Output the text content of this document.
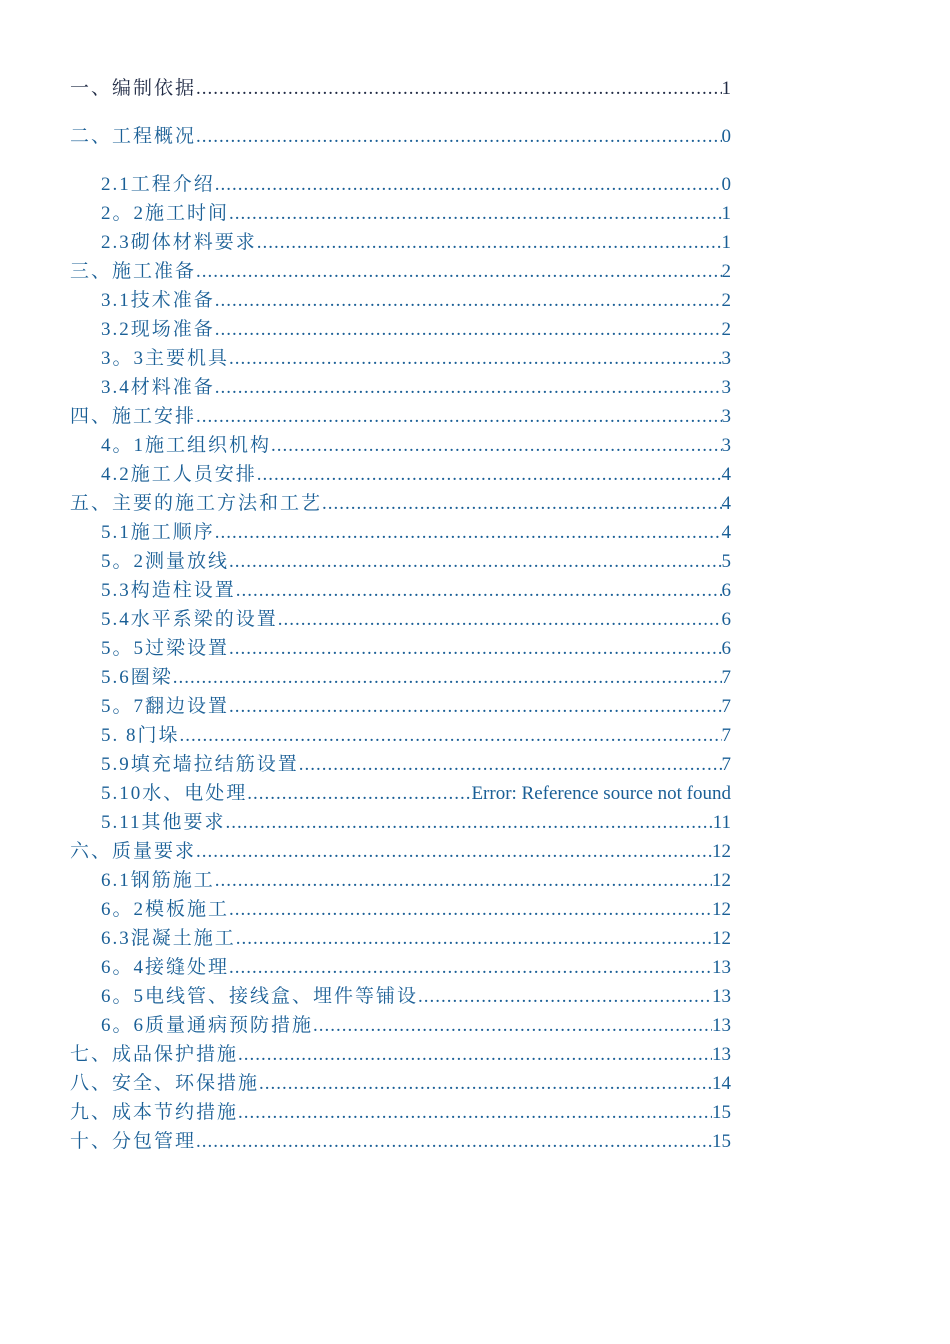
一、编制依据 .....	1
二、工程概况 .....	0
2.1工程介绍 .....	0
2。2施工时间 .....	1
2.3砌体材料要求 .....	1
三、施工准备 .....	2
3.1技术准备 .....	2
3.2现场准备 .....	2
3。3主要机具 .....	3
3.4材料准备 .....	3
四、施工安排 .....	3
4。1施工组织机构 .....	3
4.2施工人员安排 .....	4
五、主要的施工方法和工艺 .....	4
5.1施工顺序 .....	4
5。2测量放线 .....	5
5.3构造柱设置 .....	6
5.4水平系梁的设置 .....	6
5。5过梁设置 .....	6
5.6圈梁 .....	7
5。7翻边设置 .....	7
5. 8门垛 .....	7
5.9填充墙拉结筋设置 .....	7
5.10水、电处理 .....	Error: Reference source not found
5.11其他要求 .....	11
六、质量要求 .....	12
6.1钢筋施工 .....	12
6。2模板施工 .....	12
6.3混凝土施工 .....	12
6。4接缝处理 .....	13
6。5电线管、接线盒、埋件等铺设 .....	13
6。6质量通病预防措施 .....	13
七、成品保护措施 .....	13
八、安全、环保措施 .....	14
九、成本节约措施 .....	15
十、分包管理 .....	15
